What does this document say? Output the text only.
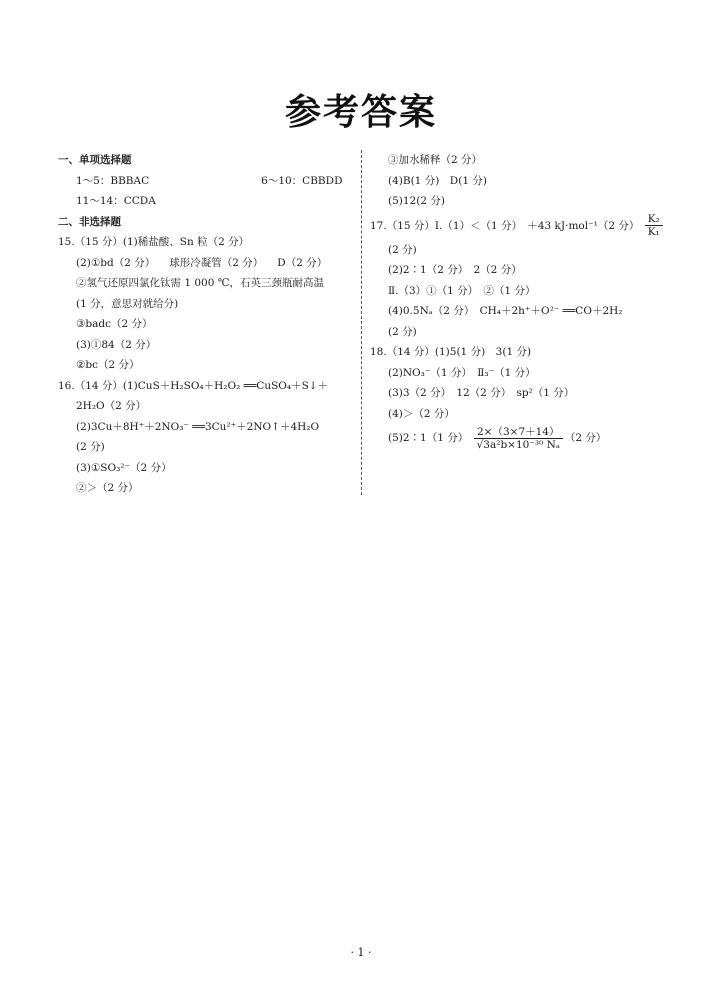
参考答案
一、单项选择题
1～5：BBBAC	6～10：CBBDD
11～14：CCDA
二、非选择题
15.（15 分）(1)稀盐酸、Sn 粒（2 分）
(2)①bd（2 分） 球形冷凝管（2 分） D（2 分）
②氢气还原四氯化钛需 1 000 ℃，石英三颈瓶耐高温
(1 分，意思对就给分)
③badc（2 分）
(3)①84（2 分）
②bc（2 分）
16.（14 分）(1)CuS＋H₂SO₄＋H₂O₂ ══CuSO₄＋S↓＋
2H₂O（2 分）
(2)3Cu＋8H⁺＋2NO₃⁻ ══3Cu²⁺＋2NO↑＋4H₂O
(2 分)
(3)①SO₃²⁻（2 分）
②＞（2 分）
③加水稀释（2 分）
(4)B(1 分)　D(1 分)
(5)12(2 分)
17.（15 分）Ⅰ.（1）＜（1 分）　＋43 kJ·mol⁻¹（2 分） $\frac{\text{K₂}}{\text{K₁}}$
(2 分)
(2)2∶1（2 分）　2（2 分）
Ⅱ.（3）①（1 分）　②（1 分）
(4)0.5Nₐ（2 分）　CH₄＋2h⁺＋O²⁻ ══CO＋2H₂
(2 分)
18.（14 分）(1)5(1 分)　3(1 分)
(2)NO₃⁻（1 分）　Ⅱ₃⁻（1 分）
(3)3（2 分）　12（2 分）　sp²（1 分）
(4)＞（2 分）
(5)2∶1（1 分） $\frac{2\times(3\times 7+14)}{\text{√3a²b×10⁻³⁰ Nₐ}} (2$ 分）
· 1 ·
